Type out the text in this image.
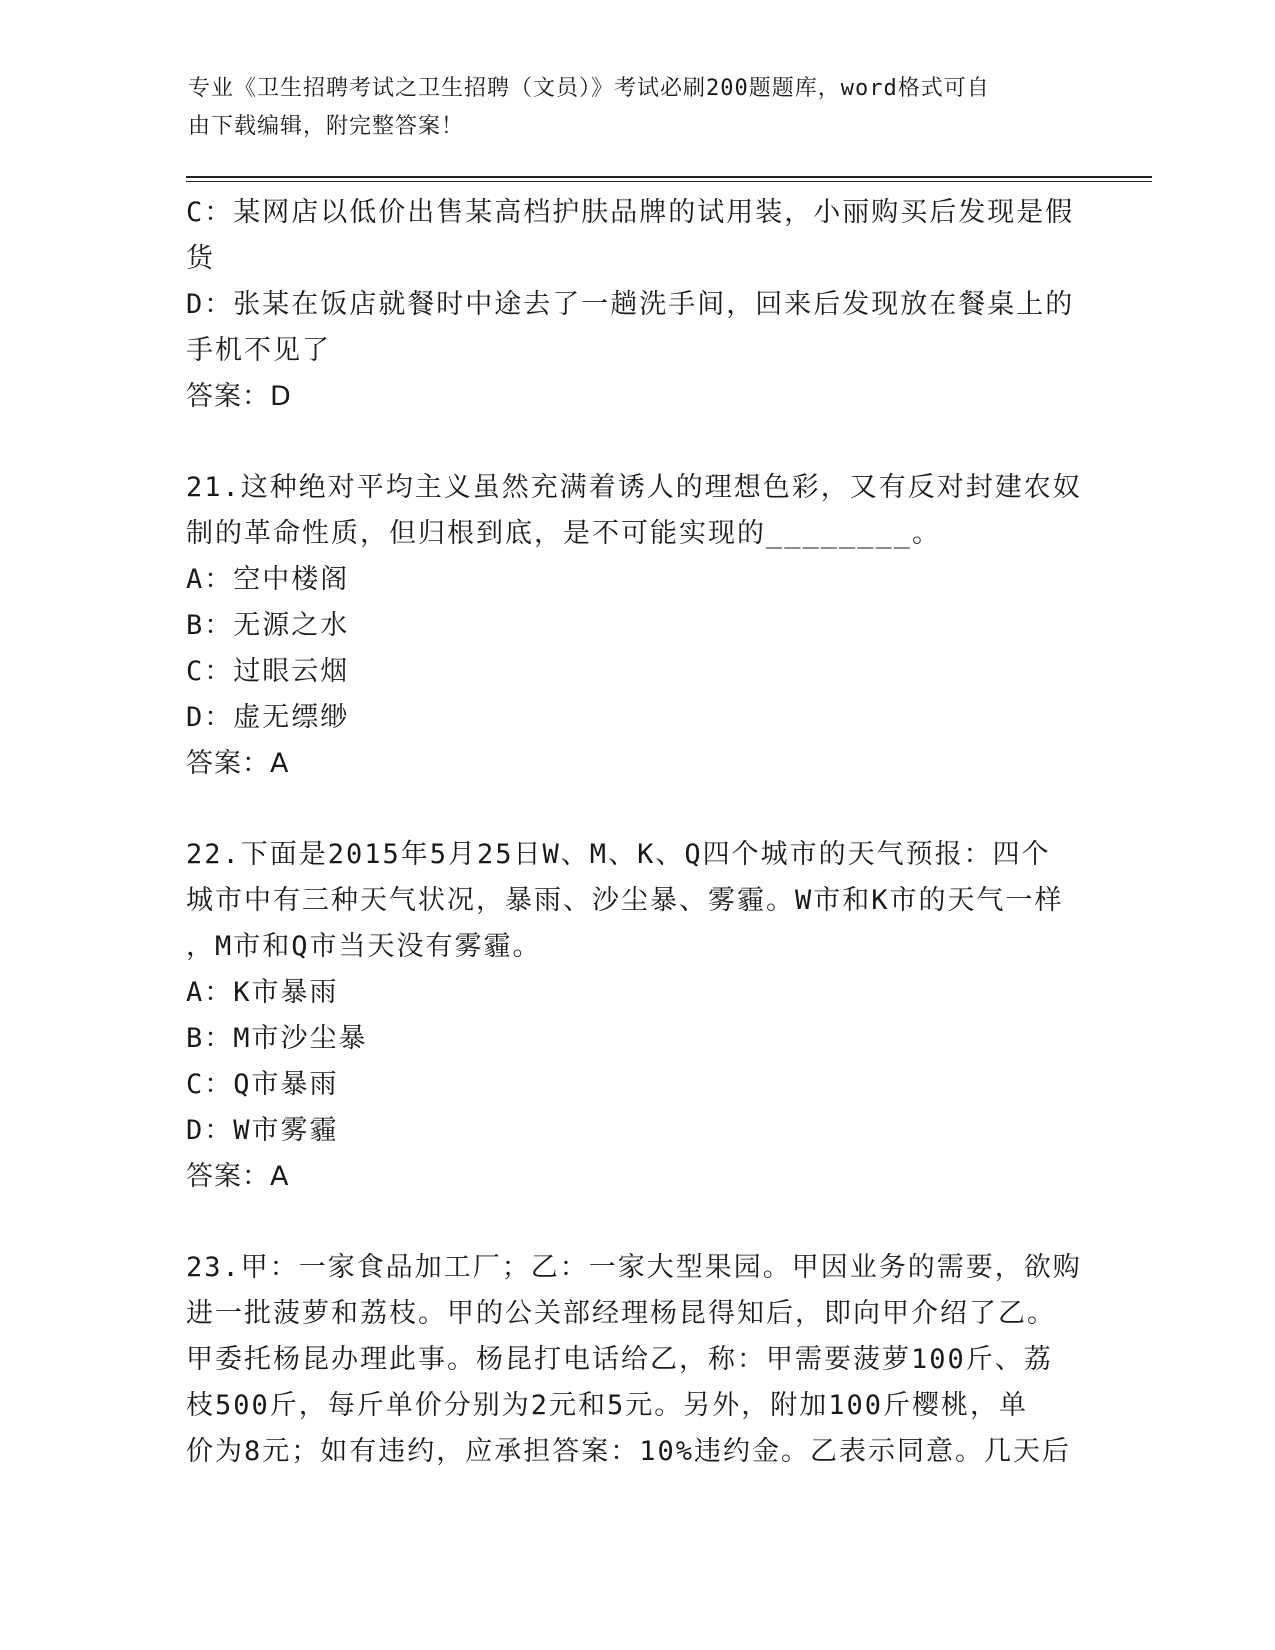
专业《卫生招聘考试之卫生招聘（文员）》考试必刷200题题库，word格式可自
由下载编辑，附完整答案！

C：某网店以低价出售某高档护肤品牌的试用装，小丽购买后发现是假

货

D：张某在饭店就餐时中途去了一趟洗手间，回来后发现放在餐桌上的

手机不见了

答案：D

21.这种绝对平均主义虽然充满着诱人的理想色彩，又有反对封建农奴

制的革命性质，但归根到底，是不可能实现的________。

A：空中楼阁

B：无源之水

C：过眼云烟

D：虚无缥缈

答案：A

22.下面是2015年5月25日W、M、K、Q四个城市的天气预报：四个

城市中有三种天气状况，暴雨、沙尘暴、雾霾。W市和K市的天气一样

，M市和Q市当天没有雾霾。

A：K市暴雨

B：M市沙尘暴

C：Q市暴雨

D：W市雾霾

答案：A

23.甲：一家食品加工厂；乙：一家大型果园。甲因业务的需要，欲购

进一批菠萝和荔枝。甲的公关部经理杨昆得知后，即向甲介绍了乙。

甲委托杨昆办理此事。杨昆打电话给乙，称：甲需要菠萝100斤、荔

枝500斤，每斤单价分别为2元和5元。另外，附加100斤樱桃，单

价为8元；如有违约，应承担答案：10%违约金。乙表示同意。几天后
